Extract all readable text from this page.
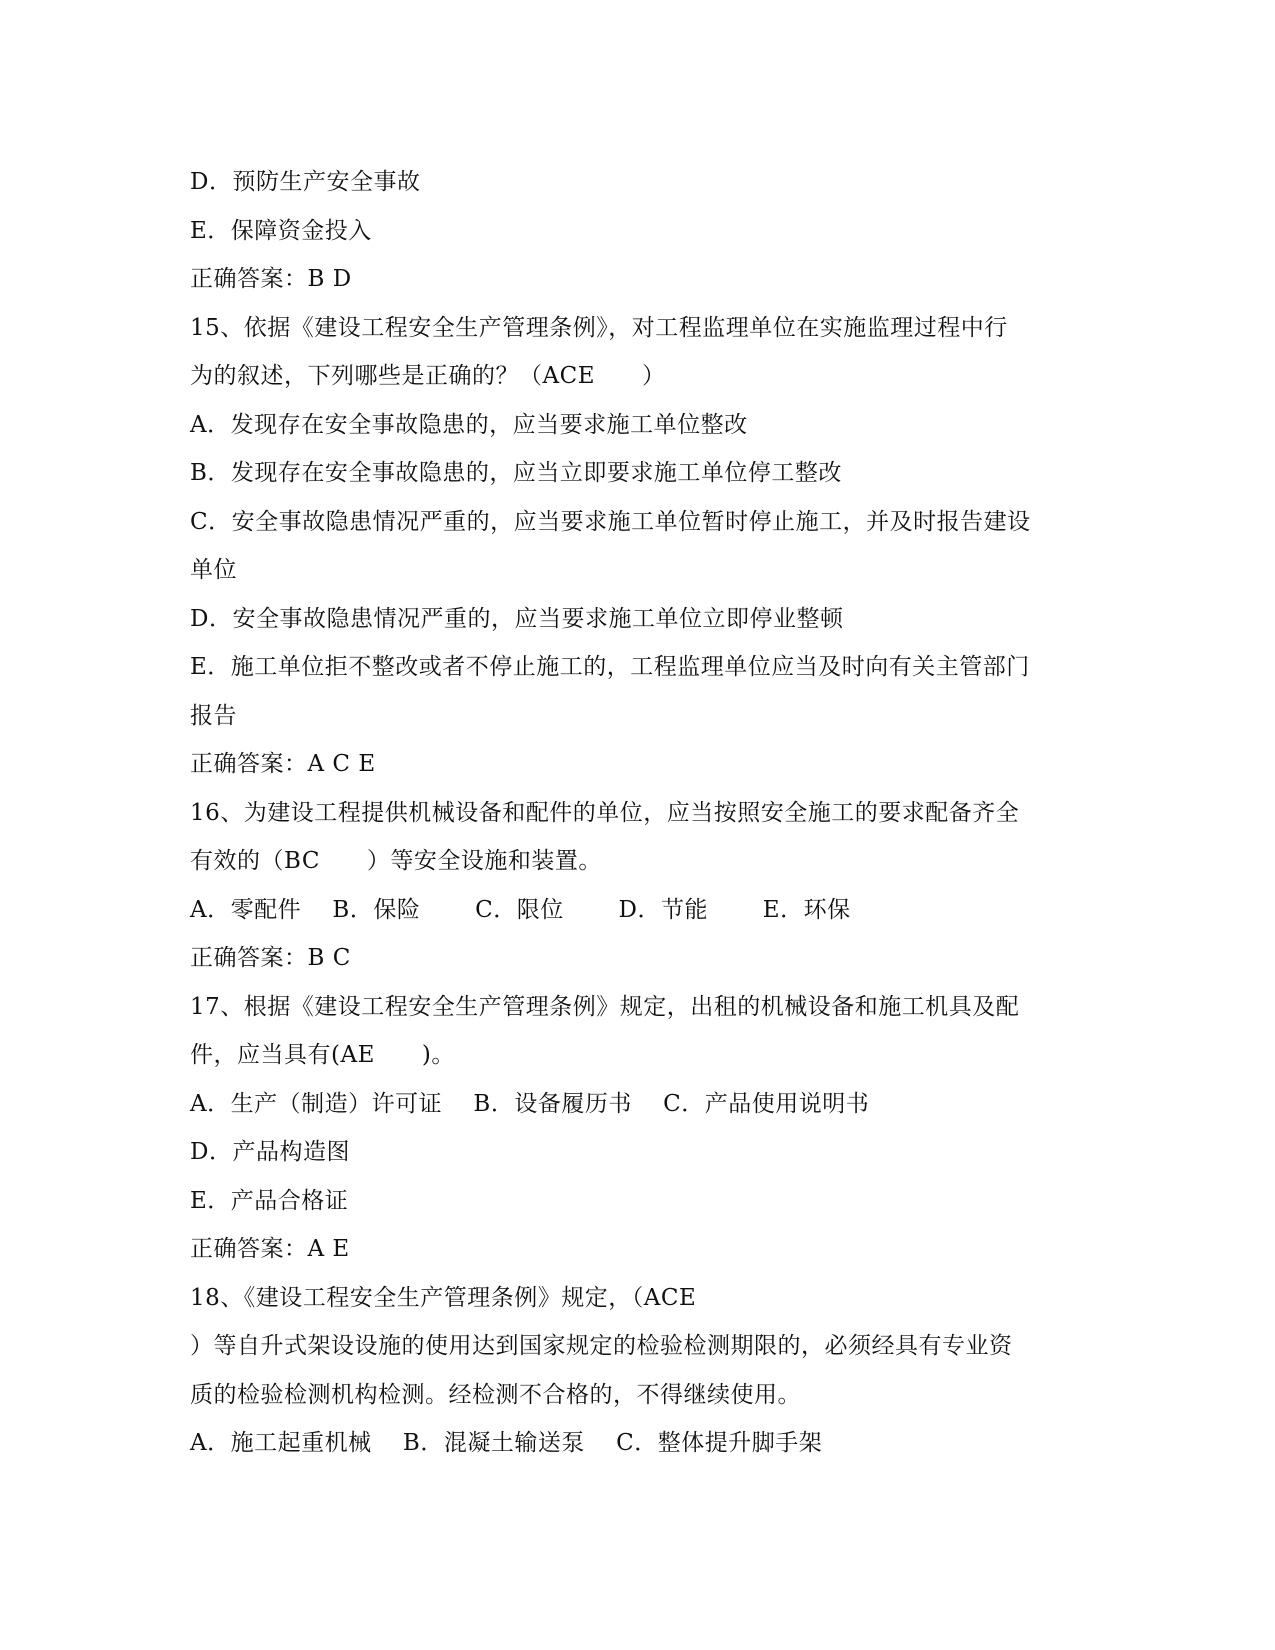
D．预防生产安全事故
E．保障资金投入
正确答案：B D
15、依据《建设工程安全生产管理条例》，对工程监理单位在实施监理过程中行
为的叙述，下列哪些是正确的？（ACE　　）
A．发现存在安全事故隐患的，应当要求施工单位整改
B．发现存在安全事故隐患的，应当立即要求施工单位停工整改
C．安全事故隐患情况严重的，应当要求施工单位暂时停止施工，并及时报告建设
单位
D．安全事故隐患情况严重的，应当要求施工单位立即停业整顿
E．施工单位拒不整改或者不停止施工的，工程监理单位应当及时向有关主管部门
报告
正确答案：A C E
16、为建设工程提供机械设备和配件的单位，应当按照安全施工的要求配备齐全
有效的（BC　　）等安全设施和装置。
A．零配件　 B．保险　　 C．限位　　 D．节能　　 E．环保
正确答案：B C
17、根据《建设工程安全生产管理条例》规定，出租的机械设备和施工机具及配
件，应当具有(AE　　)。
A．生产（制造）许可证　 B．设备履历书　 C．产品使用说明书
D．产品构造图
E．产品合格证
正确答案：A E
18、《建设工程安全生产管理条例》规定，（ACE
）等自升式架设设施的使用达到国家规定的检验检测期限的，必须经具有专业资
质的检验检测机构检测。经检测不合格的，不得继续使用。
A．施工起重机械　 B．混凝土输送泵　 C．整体提升脚手架
